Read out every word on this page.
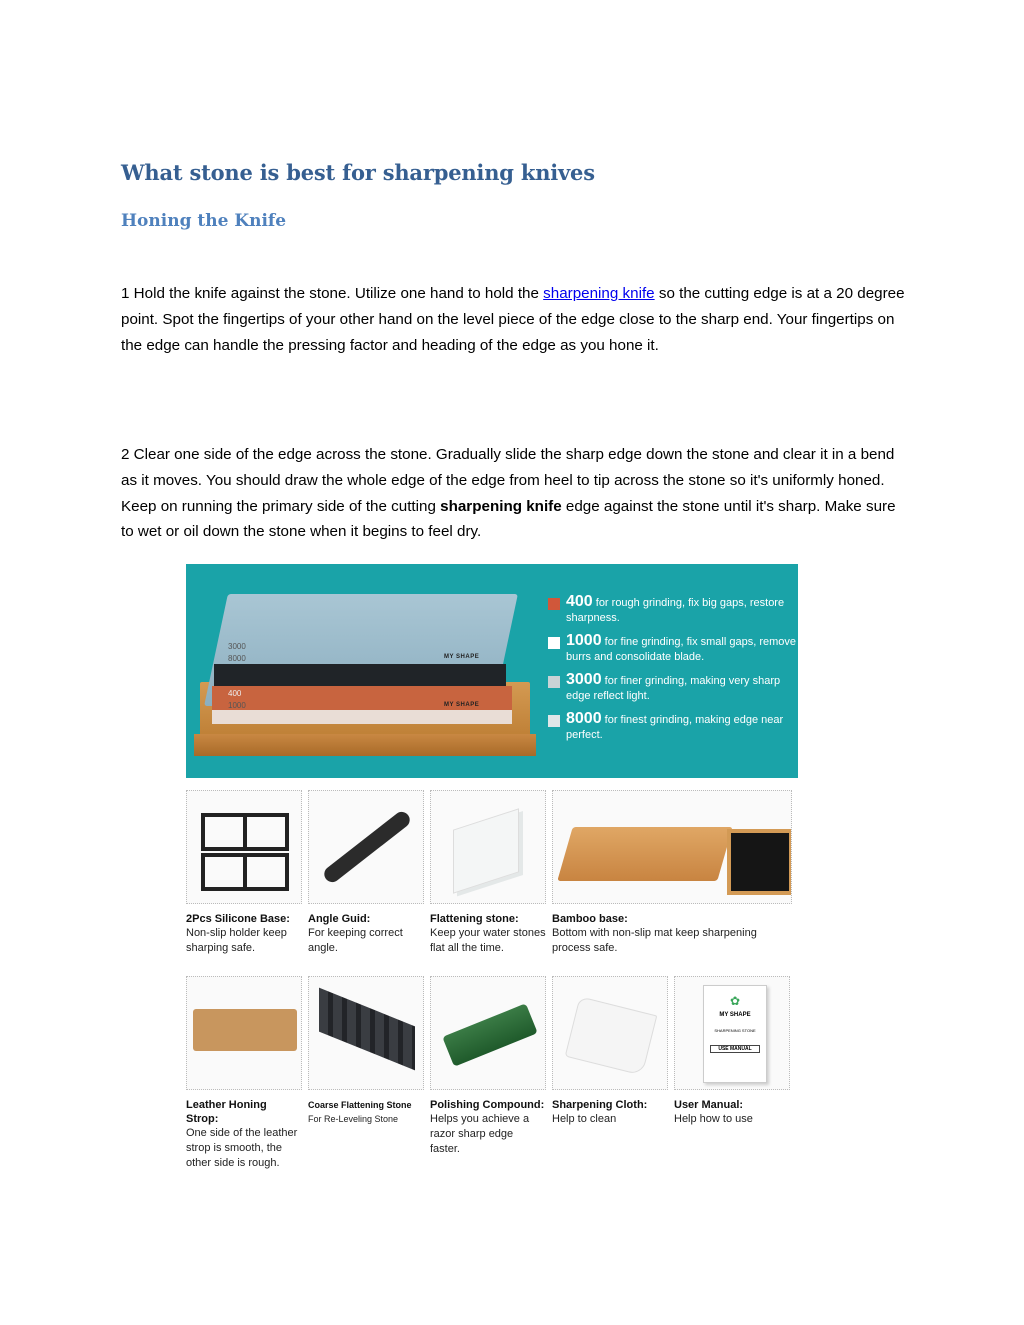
What stone is best for sharpening knives
Honing the Knife

1 Hold the knife against the stone. Utilize one hand to hold the sharpening knife so the cutting edge is at a 20 degree point. Spot the fingertips of your other hand on the level piece of the edge close to the sharp end. Your fingertips on the edge can handle the pressing factor and heading of the edge as you hone it.

2 Clear one side of the edge across the stone. Gradually slide the sharp edge down the stone and clear it in a bend as it moves. You should draw the whole edge of the edge from heel to tip across the stone so it's uniformly honed. Keep on running the primary side of the cutting sharpening knife edge against the stone until it's sharp. Make sure to wet or oil down the stone when it begins to feel dry.

3000
8000
400
1000
MY SHAPE
MY SHAPE
400 for rough grinding, fix big gaps, restore sharpness.
1000 for fine grinding, fix small gaps, remove burrs and consolidate blade.
3000 for finer grinding, making very sharp edge reflect light.
8000 for finest grinding, making edge near perfect.
2Pcs Silicone Base:
Non-slip holder keep sharping safe.
Angle Guid:
For keeping correct angle.
Flattening stone:
Keep your water stones flat all the time.
Bamboo base:
Bottom with non-slip mat keep sharpening process safe.
Leather Honing Strop:
One side of the leather strop is smooth, the other side is rough.
Coarse Flattening Stone
For Re-Leveling Stone
Polishing Compound:
Helps you achieve a razor sharp edge faster.
Sharpening Cloth:
Help to clean
✿
MY SHAPE
SHARPENING STONE
USE MANUAL
User Manual:
Help how to use
